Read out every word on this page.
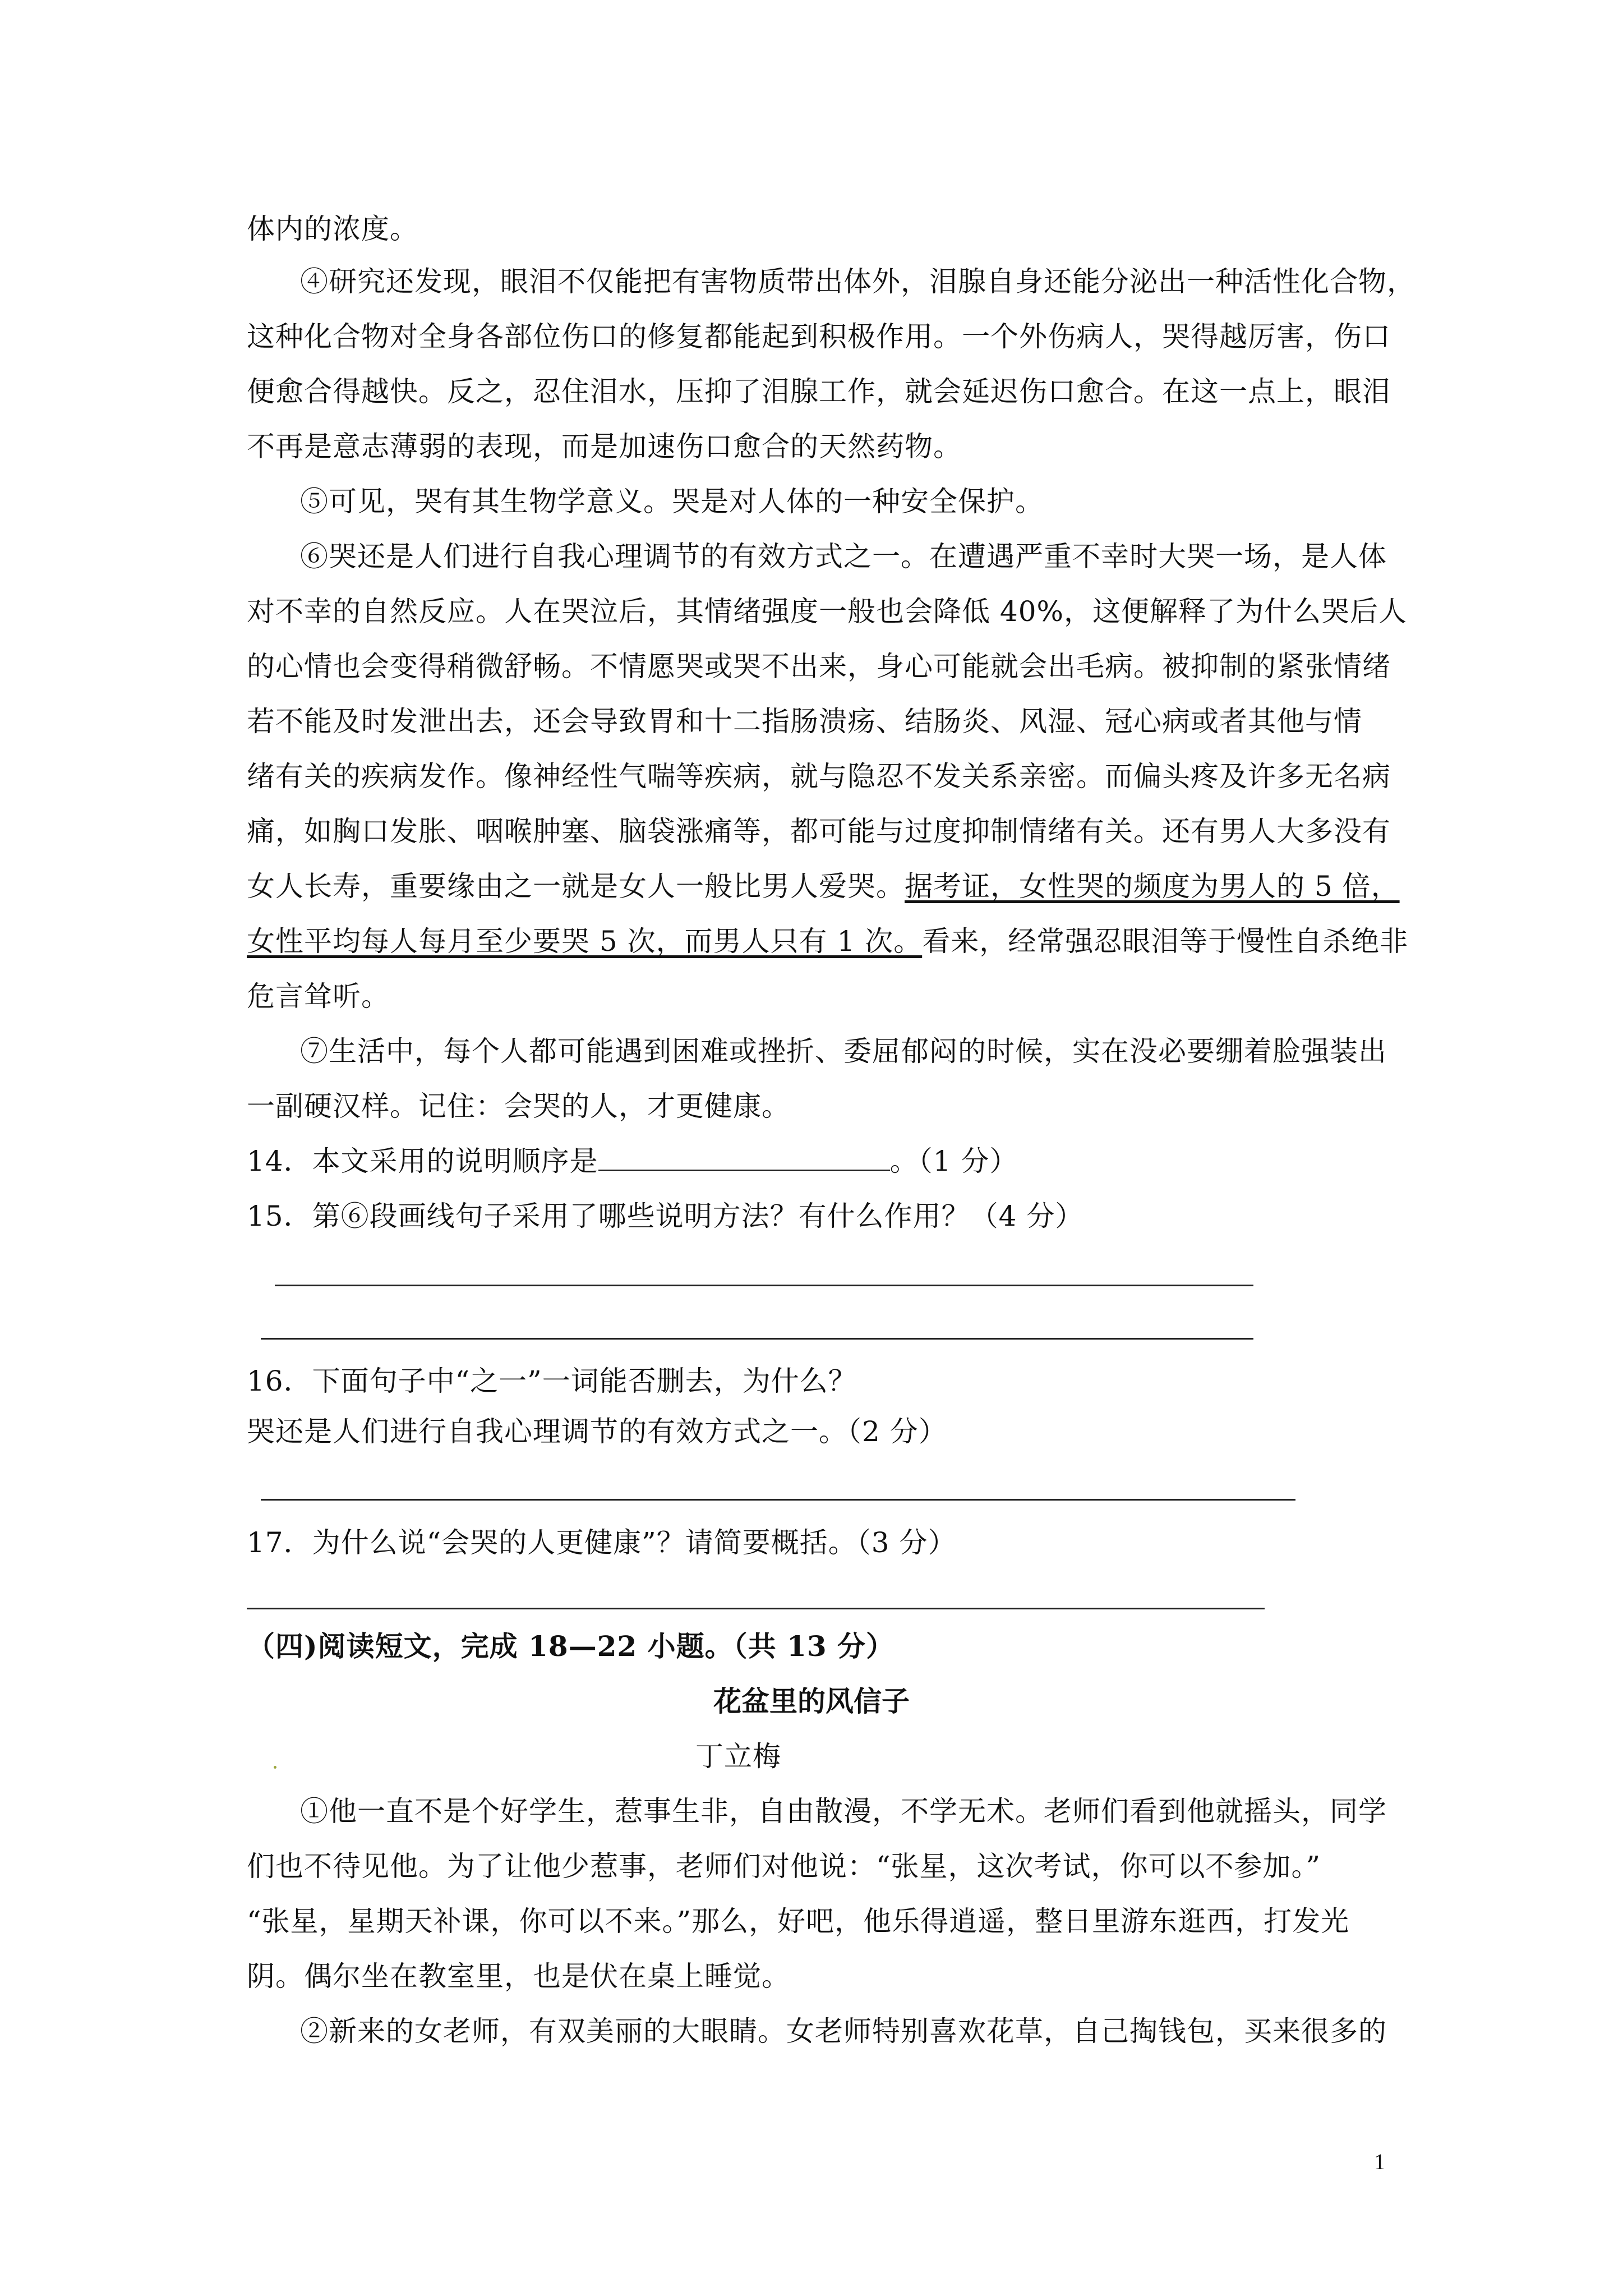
体内的浓度。
④研究还发现，眼泪不仅能把有害物质带出体外，泪腺自身还能分泌出一种活性化合物，
这种化合物对全身各部位伤口的修复都能起到积极作用。一个外伤病人，哭得越厉害，伤口
便愈合得越快。反之，忍住泪水，压抑了泪腺工作，就会延迟伤口愈合。在这一点上，眼泪
不再是意志薄弱的表现，而是加速伤口愈合的天然药物。
⑤可见，哭有其生物学意义。哭是对人体的一种安全保护。
⑥哭还是人们进行自我心理调节的有效方式之一。在遭遇严重不幸时大哭一场，是人体
对不幸的自然反应。人在哭泣后，其情绪强度一般也会降低 40%，这便解释了为什么哭后人
的心情也会变得稍微舒畅。不情愿哭或哭不出来，身心可能就会出毛病。被抑制的紧张情绪
若不能及时发泄出去，还会导致胃和十二指肠溃疡、结肠炎、风湿、冠心病或者其他与情
绪有关的疾病发作。像神经性气喘等疾病，就与隐忍不发关系亲密。而偏头疼及许多无名病
痛，如胸口发胀、咽喉肿塞、脑袋涨痛等，都可能与过度抑制情绪有关。还有男人大多没有
女人长寿，重要缘由之一就是女人一般比男人爱哭。据考证，女性哭的频度为男人的 5 倍，
女性平均每人每月至少要哭 5 次，而男人只有 1 次。看来，经常强忍眼泪等于慢性自杀绝非
危言耸听。
⑦生活中，每个人都可能遇到困难或挫折、委屈郁闷的时候，实在没必要绷着脸强装出
一副硬汉样。记住：会哭的人，才更健康。
14．本文采用的说明顺序是	。（1 分）
15．第⑥段画线句子采用了哪些说明方法？有什么作用？（4 分）
16．下面句子中“之一”一词能否删去，为什么？
哭还是人们进行自我心理调节的有效方式之一。（2 分）
17．为什么说“会哭的人更健康”？请简要概括。（3 分）
（四)阅读短文，完成 18—22 小题。（共 13 分）
花盆里的风信子
丁立梅
①他一直不是个好学生，惹事生非，自由散漫，不学无术。老师们看到他就摇头，同学
们也不待见他。为了让他少惹事，老师们对他说：“张星，这次考试，你可以不参加。”
“张星，星期天补课，你可以不来。”那么，好吧，他乐得逍遥，整日里游东逛西，打发光
阴。偶尔坐在教室里，也是伏在桌上睡觉。
②新来的女老师，有双美丽的大眼睛。女老师特别喜欢花草，自己掏钱包，买来很多的
1
